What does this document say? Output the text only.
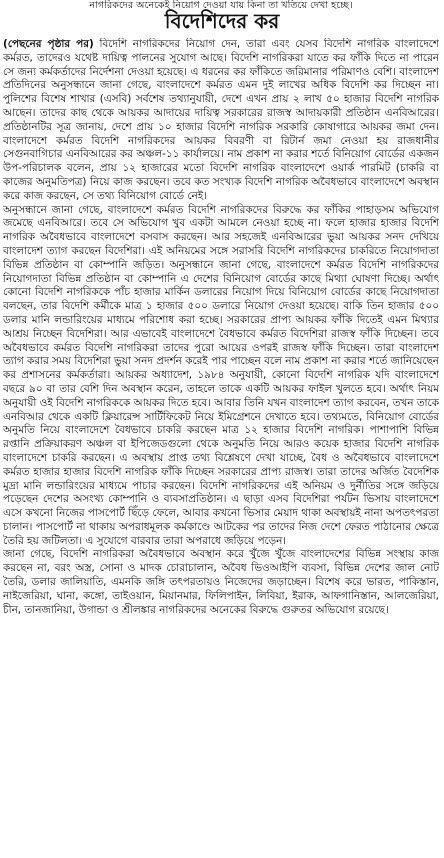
নাগরিকদের অনেকেই নিয়োগ দেওয়া যায় কিনা তা খতিয়ে দেখা হচ্ছে।
বিদেশিদের কর

(পেছনের পৃষ্ঠার পর) বিদেশি নাগরিকদের নিয়োগ দেন, তারা এবং যেসব বিদেশি নাগরিক বাংলাদেশে কর্মরত, তাদেরও যথেষ্ট দায়িত্ব পালনের সুযোগ আছে। বিদেশি নাগরিকরা যাতে কর ফাঁকি দিতে না পারেন সে জন্য কর্মকর্তাদের নির্দেশনা দেওয়া হয়েছে। এ ধরনের কর ফাঁকিতে জরিমানার পরিমাণও বেশি। বাংলাদেশ প্রতিদিনের অনুসন্ধানে জানা গেছে, বাংলাদেশে কর্মরত এমন দুই লাখের অধিক বিদেশি কর দিচ্ছেন না। পুলিশের বিশেষ শাখার (এসবি) সর্বশেষ তথ্যানুযায়ী, দেশে এখন প্রায় ২ লাখ ৫০ হাজার বিদেশি নাগরিক আছেন। তাদের কাছ থেকে আয়কর আদায়ের দায়িত্ব সরকারের রাজস্ব আদায়কারী প্রতিষ্ঠান এনবিআরের। প্রতিষ্ঠানটির সূত্র জানায়, দেশে প্রায় ১০ হাজার বিদেশি নাগরিক সরকারি কোষাগারে আয়কর জমা দেন। বাংলাদেশে কর্মরত বিদেশি নাগরিকদের আয়কর বিবরণী বা রিটার্ন জমা নেওয়া হয় রাজধানীর সেগুনবাগিচার এনবিআরের কর অঞ্চল-১১ কার্যালয়ে। নাম প্রকাশ না করার শর্তে বিনিয়োগ বোর্ডের একজন উপ-পরিচালক বলেন, প্রায় ১২ হাজারের মতো বিদেশি নাগরিক বাংলাদেশে ওয়ার্ক পারমিট (চাকরি বা কাজের অনুমতিপত্র) নিয়ে কাজ করছেন। তবে কত সংখ্যক বিদেশি নাগরিক অবৈধভাবে বাংলাদেশে অবস্থান করে কাজ করছেন, সে তথ্য বিনিয়োগ বোর্ডে নেই।

অনুসন্ধানে জানা গেছে, বাংলাদেশে কর্মরত বিদেশি নাগরিকদের বিরুদ্ধে কর ফাঁকির পাহাড়সম অভিযোগ জমেছে এনবিআরে। তবে সে অভিযোগ খুব একটা আমলে নেওয়া হচ্ছে না। ফলে হাজার হাজার বিদেশি নাগরিক অবৈধভাবে বাংলাদেশে বসবাস করছেন। আর সহজেই এনবিআরের ভুয়া আয়কর সনদ দেখিয়ে বাংলাদেশ ত্যাগ করছেন বিদেশিরা। এই অনিয়মের সঙ্গে সরাসরি বিদেশি নাগরিকদের চাকরিতে নিয়োগদাতা বিভিন্ন প্রতিষ্ঠান বা কোম্পানি জড়িত। অনুসন্ধানে জানা গেছে, বাংলাদেশে কর্মরত বিদেশি নাগরিকদের নিয়োগদাতা বিভিন্ন প্রতিষ্ঠান বা কোম্পানি এ দেশের বিনিয়োগ বোর্ডের কাছে মিথ্যা ঘোষণা দিচ্ছে। অর্থাৎ কোনো বিদেশি নাগরিককে পাঁচ হাজার মার্কিন ডলারের নিয়োগ দিয়ে বিনিয়োগ বোর্ডের কাছে নিয়োগদাতা বলছেন, তার বিদেশি কর্মীকে মাত্র ১ হাজার ৫০০ ডলারে নিয়োগ দেওয়া হয়েছে। বাকি তিন হাজার ৫০০ ডলার মানি লন্ডারিংয়ের মাধ্যমে পরিশোধ করা হচ্ছে। সরকারের প্রাপ্য আয়কর ফাঁকি দিতেই এমন মিথ্যার আশ্রয় নিচ্ছেন বিদেশিরা। আর এভাবেই বাংলাদেশে বৈধভাবে কর্মরত বিদেশিরা রাজস্ব ফাঁকি দিচ্ছেন। তবে অবৈধভাবে কর্মরত বিদেশি নাগরিকরা তাদের পুরো আয়ের ওপরই রাজস্ব ফাঁকি দিচ্ছেন। তারা বাংলাদেশ ত্যাগ করার সময় বিদেশিরা ভুয়া সনদ প্রদর্শন করেই পার পাচ্ছেন বলে নাম প্রকাশ না করার শর্তে জানিয়েছেন কর প্রশাসনের কর্মকর্তারা। আয়কর অধ্যাদেশ, ১৯৮৪ অনুযায়ী, কোনো বিদেশি নাগরিক যদি বাংলাদেশে বছরে ৯০ বা তার বেশি দিন অবস্থান করেন, তাহলে তাকে একটি আয়কর ফাইল খুলতে হবে। অর্থাৎ নিয়ম অনুযায়ী ওই বিদেশি নাগরিককে আয়কর দিতে হবে। আবার তিনি যখন বাংলাদেশ ত্যাগ করবেন, তখন তাকে এনবিআর থেকে একটি ক্লিয়ারেন্স সার্টিফিকেট নিয়ে ইমিগ্রেশনে দেখাতে হবে। তথ্যমতে, বিনিয়োগ বোর্ডের অনুমতি নিয়ে বাংলাদেশে বৈধভাবে চাকরি করছেন মাত্র ১২ হাজার বিদেশি নাগরিক। পাশাপাশি বিভিন্ন রপ্তানি প্রক্রিয়াকরণ অঞ্চল বা ইপিজেডগুলো থেকে অনুমতি নিয়ে আরও কয়েক হাজার বিদেশি নাগরিক বাংলাদেশে চাকরি করছেন। এ অবস্থায় প্রাপ্ত তথ্য বিশ্লেষণে দেখা যাচ্ছে, বৈধ ও অবৈধভাবে বাংলাদেশে কর্মরত হাজার হাজার বিদেশি নাগরিক ফাঁকি দিচ্ছেন সরকারের প্রাপ্য রাজস্ব। তারা তাদের অর্জিত বৈদেশিক মুদ্রা মানি লন্ডারিংয়ের মাধ্যমে পাচার করছেন। বিদেশি নাগরিকদের এই অনিয়ম ও দুর্নীতির সঙ্গে জড়িয়ে পড়েছেন দেশের অসংখ্য কোম্পানি ও ব্যবসাপ্রতিষ্ঠান। এ ছাড়া এসব বিদেশিরা পর্যটন ভিসায় বাংলাদেশে এসে কখনো নিজের পাসপোর্ট ছিঁড়ে ফেলে, আবার কখনো ভিসার মেয়াদ থাকা অবস্থায়ই নানা অপতৎপরতা চালান। পাসপোর্ট না থাকায় অপরাধমূলক কর্মকাণ্ডে আটকের পর তাদের নিজ দেশে ফেরত পাঠানোর ক্ষেত্রে তৈরি হয় জটিলতা। এ সুযোগে বারবার তারা অপরাধে জড়িয়ে পড়েন।

জানা গেছে, বিদেশি নাগরিকরা অবৈধভাবে অবস্থান করে খুঁজে খুঁজে বাংলাদেশের বিভিন্ন সংস্থায় কাজ করছেন না, বরং অস্ত্র, সোনা ও মাদক চোরাচালান, অবৈধ ভিওআইপি ব্যবসা, বিভিন্ন দেশের জাল নোট তৈরি, ডলার জালিয়াতি, এমনকি জঙ্গি তৎপরতায়ও নিজেদের জড়াচ্ছেন। বিশেষ করে ভারত, পাকিস্তান, নাইজেরিয়া, ঘানা, কঙ্গো, তাইওয়ান, মিয়ানমার, ফিলিপাইন, লিবিয়া, ইরাক, আফগানিস্তান, আলজেরিয়া, চীন, তানজানিয়া, উগান্ডা ও শ্রীলঙ্কার নাগরিকদের অনেকের বিরুদ্ধে গুরুতর অভিযোগ রয়েছে।
